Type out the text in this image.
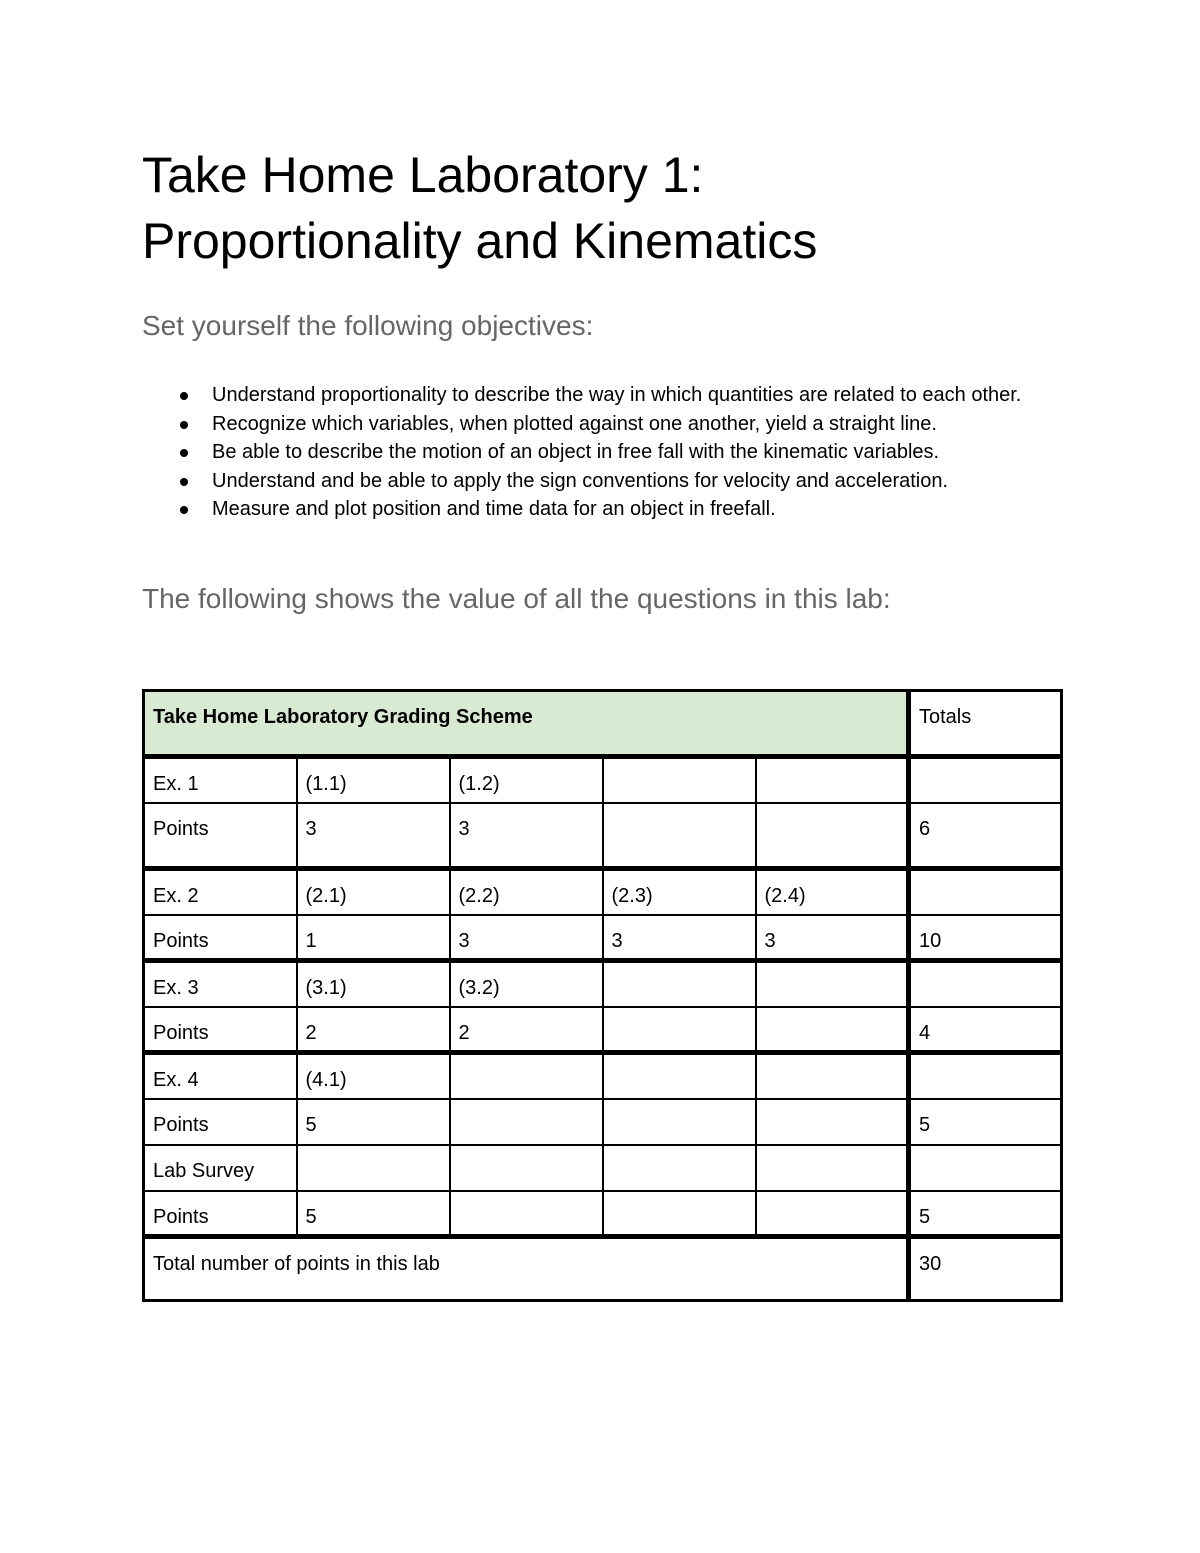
Take Home Laboratory 1:
Proportionality and Kinematics
Set yourself the following objectives:
Understand proportionality to describe the way in which quantities are related to each other.
Recognize which variables, when plotted against one another, yield a straight line.
Be able to describe the motion of an object in free fall with the kinematic variables.
Understand and be able to apply the sign conventions for velocity and acceleration.
Measure and plot position and time data for an object in freefall.
The following shows the value of all the questions in this lab:
Take Home Laboratory Grading Scheme					Totals

Ex. 1	(1.1)	(1.2)			

Points	3	3			6

Ex. 2	(2.1)	(2.2)	(2.3)	(2.4)	

Points	1	3	3	3	10

Ex. 3	(3.1)	(3.2)			

Points	2	2			4

Ex. 4	(4.1)				

Points	5				5

Lab Survey					

Points	5				5

Total number of points in this lab					30
